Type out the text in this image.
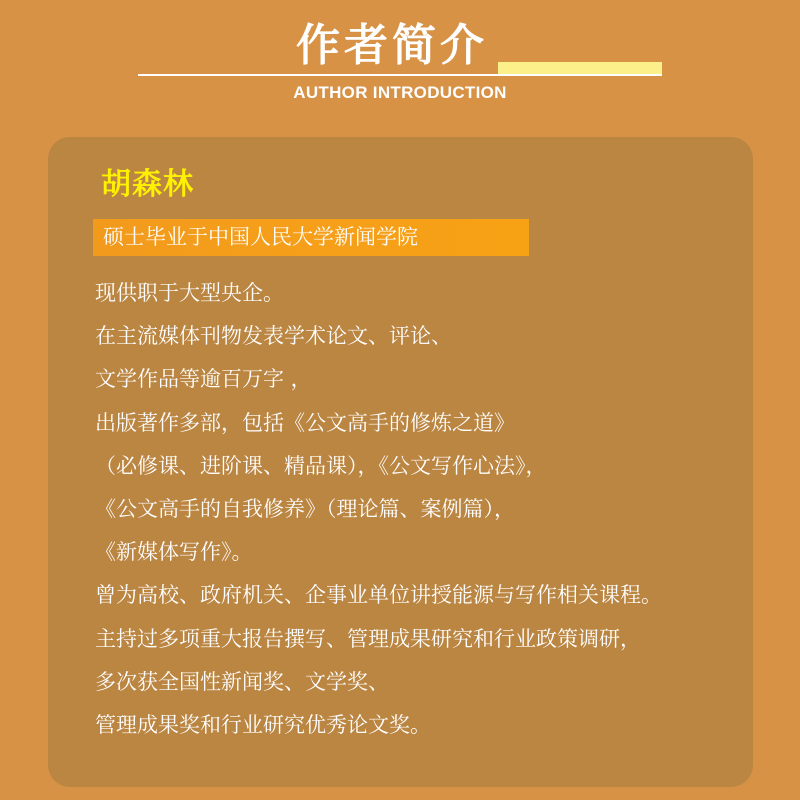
作者简介
AUTHOR INTRODUCTION
胡森林
硕士毕业于中国人民大学新闻学院
现供职于大型央企。
在主流媒体刊物发表学术论文、评论、
文学作品等逾百万字 ，
出版著作多部，包括《公文高手的修炼之道》
（必修课、进阶课、精品课），《公文写作心法》，
《公文高手的自我修养》（理论篇、案例篇），
《新媒体写作》。
曾为高校、政府机关、企事业单位讲授能源与写作相关课程。
主持过多项重大报告撰写、管理成果研究和行业政策调研，
多次获全国性新闻奖、文学奖、
管理成果奖和行业研究优秀论文奖。
